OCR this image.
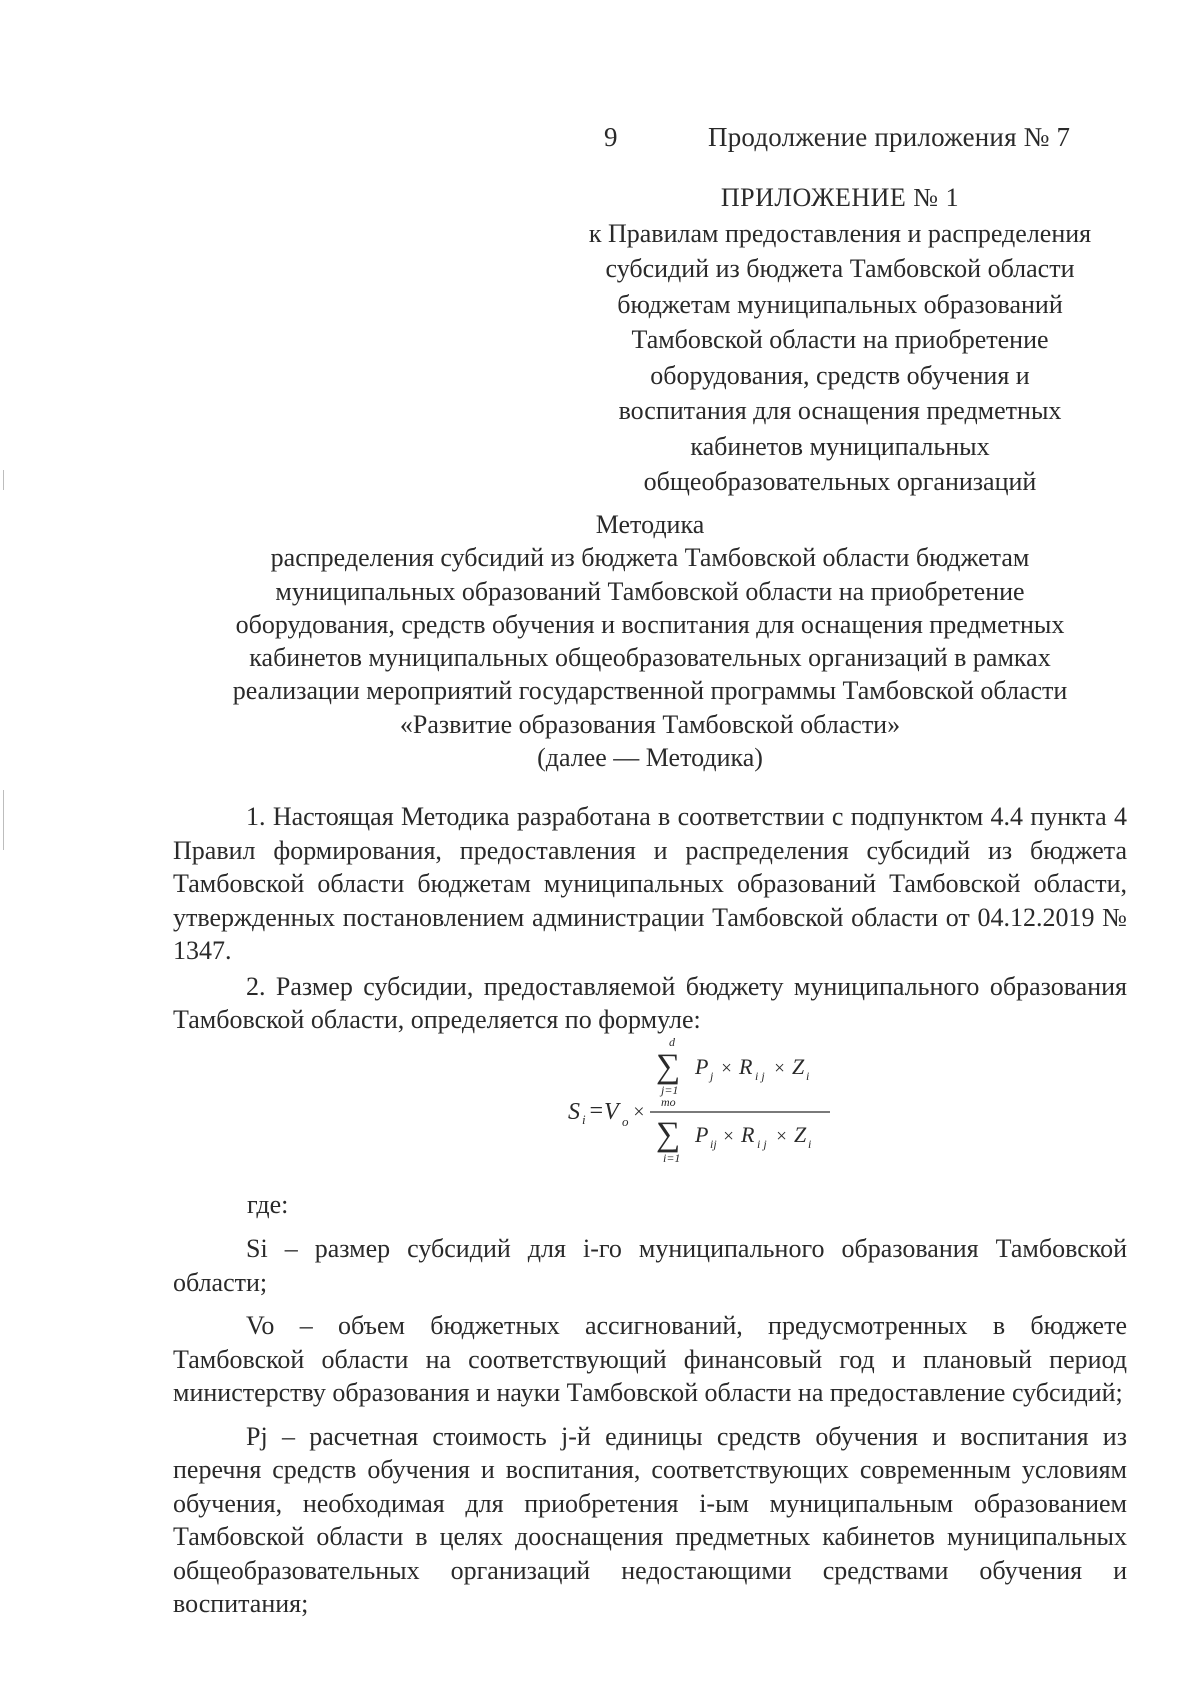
9	Продолжение приложения № 7
ПРИЛОЖЕНИЕ № 1
к Правилам предоставления и распределения
субсидий из бюджета Тамбовской области
бюджетам муниципальных образований
Тамбовской области на приобретение
оборудования, средств обучения и
воспитания для оснащения предметных
кабинетов муниципальных
общеобразовательных организаций
Методика
распределения субсидий из бюджета Тамбовской области бюджетам
муниципальных образований Тамбовской области на приобретение
оборудования, средств обучения и воспитания для оснащения предметных
кабинетов муниципальных общеобразовательных организаций в рамках
реализации мероприятий государственной программы Тамбовской области
«Развитие образования Тамбовской области»
(далее — Методика)

1. Настоящая Методика разработана в соответствии с подпунктом 4.4 пункта 4 Правил формирования, предоставления и распределения субсидий из бюджета Тамбовской области бюджетам муниципальных образований Тамбовской области, утвержденных постановлением администрации Тамбовской области от 04.12.2019 № 1347.

2. Размер субсидии, предоставляемой бюджету муниципального образования Тамбовской области, определяется по формуле:

S i = V o ×
d
∑
j=1
P j × R i j × Z i
mo
∑
i=1
P ij × R i j × Z i
где:

Si – размер субсидий для i-го муниципального образования Тамбовской области;

Vo – объем бюджетных ассигнований, предусмотренных в бюджете Тамбовской области на соответствующий финансовый год и плановый период министерству образования и науки Тамбовской области на предоставление субсидий;

Pj – расчетная стоимость j-й единицы средств обучения и воспитания из перечня средств обучения и воспитания, соответствующих современным условиям обучения, необходимая для приобретения i-ым муниципальным образованием Тамбовской области в целях дооснащения предметных кабинетов муниципальных общеобразовательных организаций недостающими средствами обучения и воспитания;
